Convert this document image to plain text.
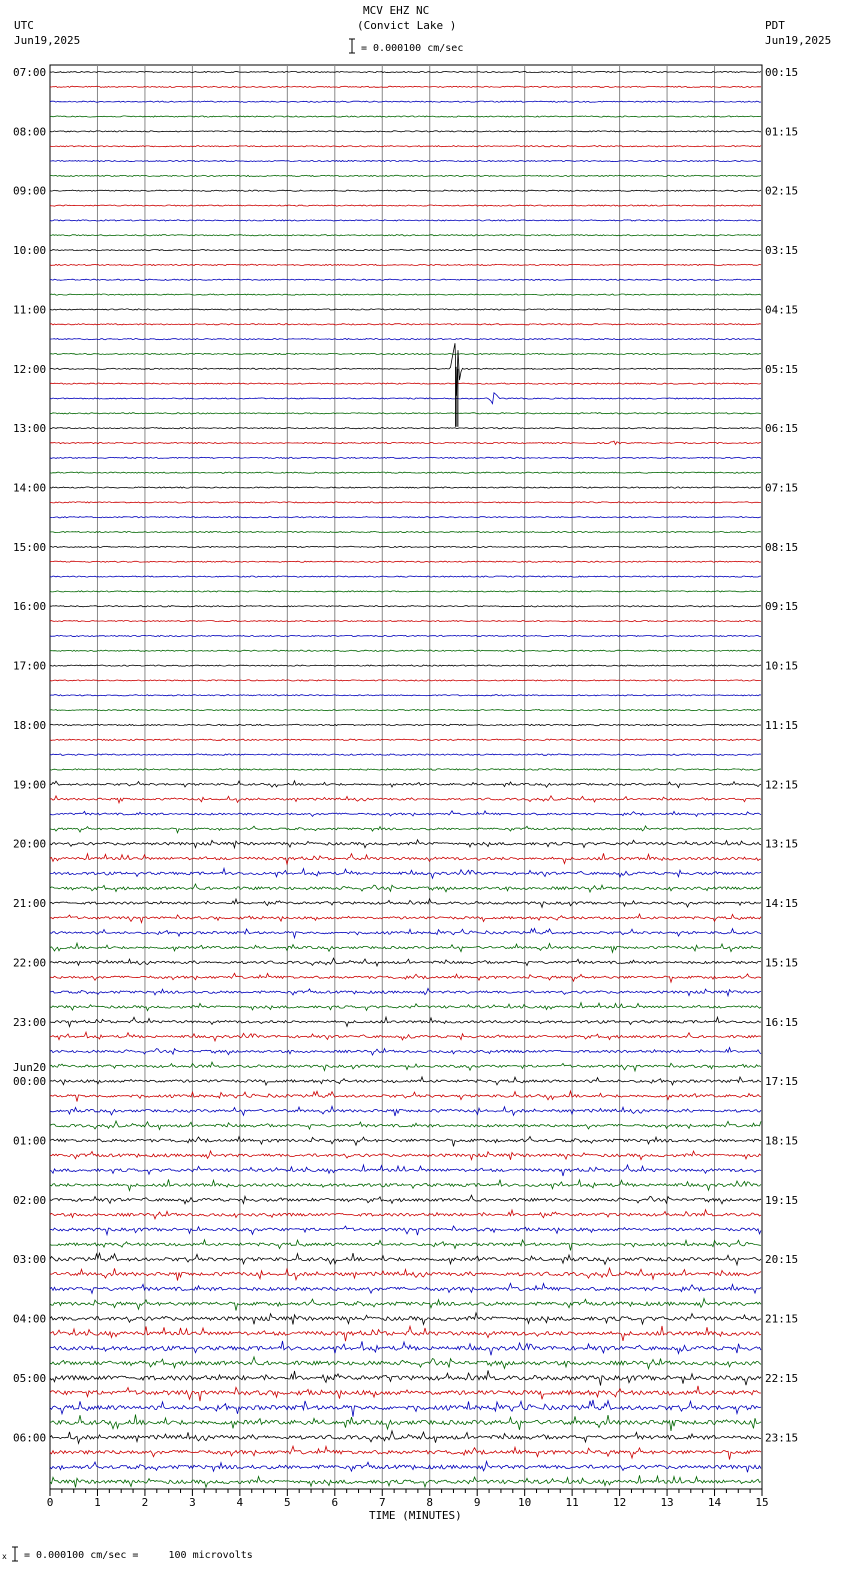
MCV EHZ NC
(Convict Lake )
UTC
Jun19,2025
PDT
Jun19,2025
= 0.000100 cm/sec
07:00	00:15
08:00	01:15
09:00	02:15
10:00	03:15
11:00	04:15
12:00	05:15
13:00	06:15
14:00	07:15
15:00	08:15
16:00	09:15
17:00	10:15
18:00	11:15
19:00	12:15
20:00	13:15
21:00	14:15
22:00	15:15
23:00	16:15
00:00	17:15
01:00	18:15
02:00	19:15
03:00	20:15
04:00	21:15
05:00	22:15
06:00	23:15
Jun20
0	1	2	3	4	5	6	7	8	9	10	11	12	13	14	15
TIME (MINUTES)
x = 0.000100 cm/sec =     100 microvolts
